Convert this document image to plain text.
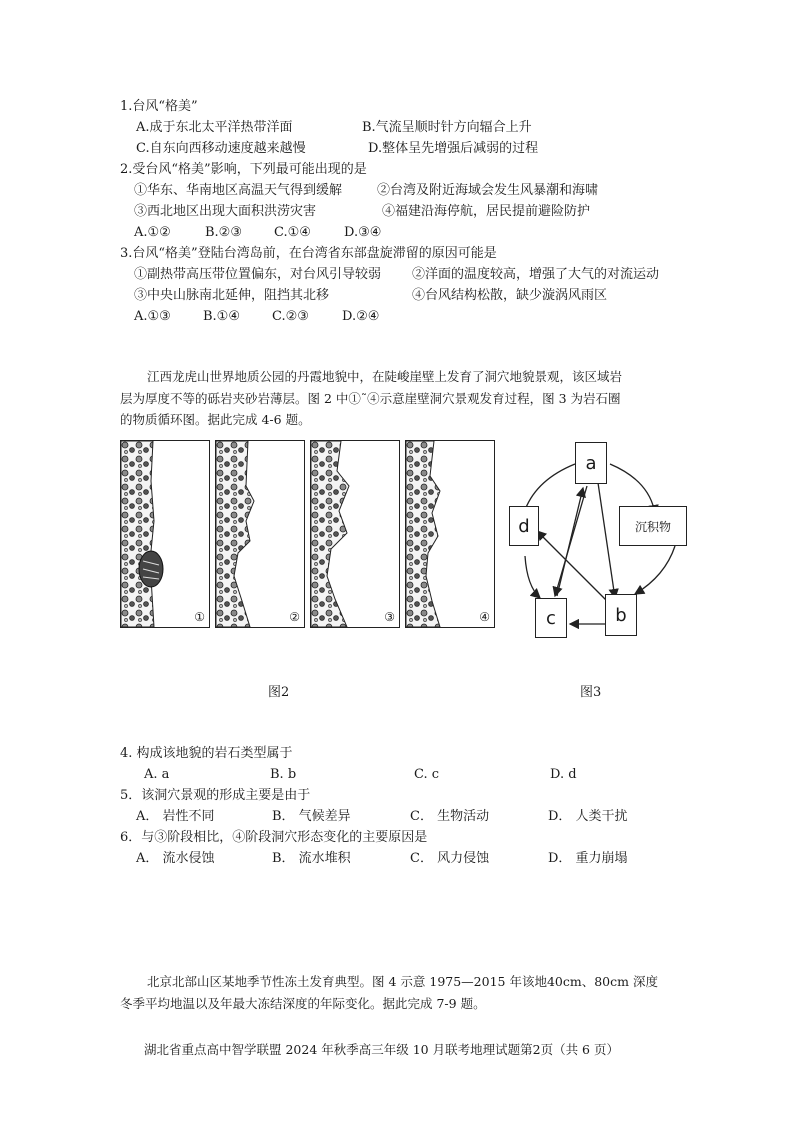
1.台风“格美”
A.成于东北太平洋热带洋面	B.气流呈顺时针方向辐合上升
C.自东向西移动速度越来越慢	D.整体呈先增强后减弱的过程
2.受台风“格美”影响，下列最可能出现的是
①华东、华南地区高温天气得到缓解	②台湾及附近海域会发生风暴潮和海啸
③西北地区出现大面积洪涝灾害	④福建沿海停航，居民提前避险防护
A.①②	B.②③ C.①④	D.③④
3.台风“格美”登陆台湾岛前，在台湾省东部盘旋滞留的原因可能是
①副热带高压带位置偏东，对台风引导较弱 ②洋面的温度较高，增强了大气的对流运动
③中央山脉南北延伸，阻挡其北移	④台风结构松散，缺少漩涡风雨区
A.①③ B.①④ C.②③	D.②④
江西龙虎山世界地质公园的丹霞地貌中，在陡峻崖壁上发育了洞穴地貌景观，该区域岩
层为厚度不等的砾岩夹砂岩薄层。图 2 中①˜④示意崖壁洞穴景观发育过程，图 3 为岩石圈
的物质循环图。据此完成 4-6 题。
①	②	③	④
图2
a
d	沉积物
c	b
图3
4. 构成该地貌的岩石类型属于
A. a	B. b	C. c	D. d
5．该洞穴景观的形成主要是由于
A． 岩性不同	B． 气候差异	C． 生物活动	D． 人类干扰
6．与③阶段相比，④阶段洞穴形态变化的主要原因是
A． 流水侵蚀	B． 流水堆积	C． 风力侵蚀	D． 重力崩塌
北京北部山区某地季节性冻土发育典型。图 4 示意 1975—2015 年该地40cm、80cm 深度
冬季平均地温以及年最大冻结深度的年际变化。据此完成 7-9 题。
湖北省重点高中智学联盟 2024 年秋季高三年级 10 月联考地理试题第2页（共 6 页）
